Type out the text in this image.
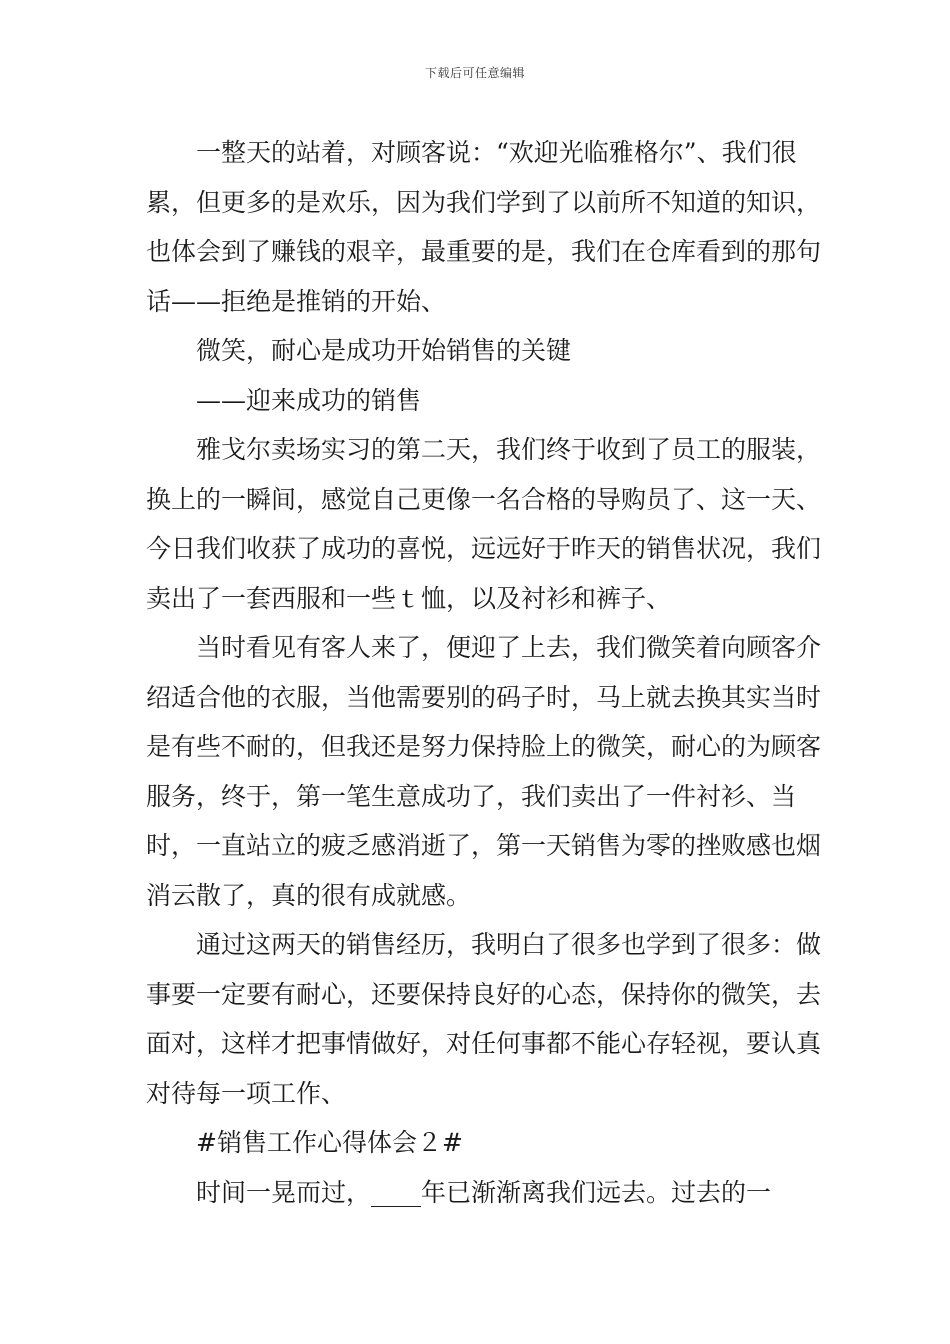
下载后可任意编辑

一整天的站着，对顾客说：“欢迎光临雅格尔”、我们很累，但更多的是欢乐，因为我们学到了以前所不知道的知识，也体会到了赚钱的艰辛，最重要的是，我们在仓库看到的那句话——拒绝是推销的开始、

微笑，耐心是成功开始销售的关键

——迎来成功的销售

雅戈尔卖场实习的第二天，我们终于收到了员工的服装，换上的一瞬间，感觉自己更像一名合格的导购员了、这一天、今日我们收获了成功的喜悦，远远好于昨天的销售状况，我们卖出了一套西服和一些ｔ恤，以及衬衫和裤子、

当时看见有客人来了，便迎了上去，我们微笑着向顾客介绍适合他的衣服，当他需要别的码子时，马上就去换其实当时是有些不耐的，但我还是努力保持脸上的微笑，耐心的为顾客服务，终于，第一笔生意成功了，我们卖出了一件衬衫、当时，一直站立的疲乏感消逝了，第一天销售为零的挫败感也烟消云散了，真的很有成就感。

通过这两天的销售经历，我明白了很多也学到了很多：做事要一定要有耐心，还要保持良好的心态，保持你的微笑，去面对，这样才把事情做好，对任何事都不能心存轻视，要认真对待每一项工作、

#销售工作心得体会２#

时间一晃而过，____年已渐渐离我们远去。过去的一
